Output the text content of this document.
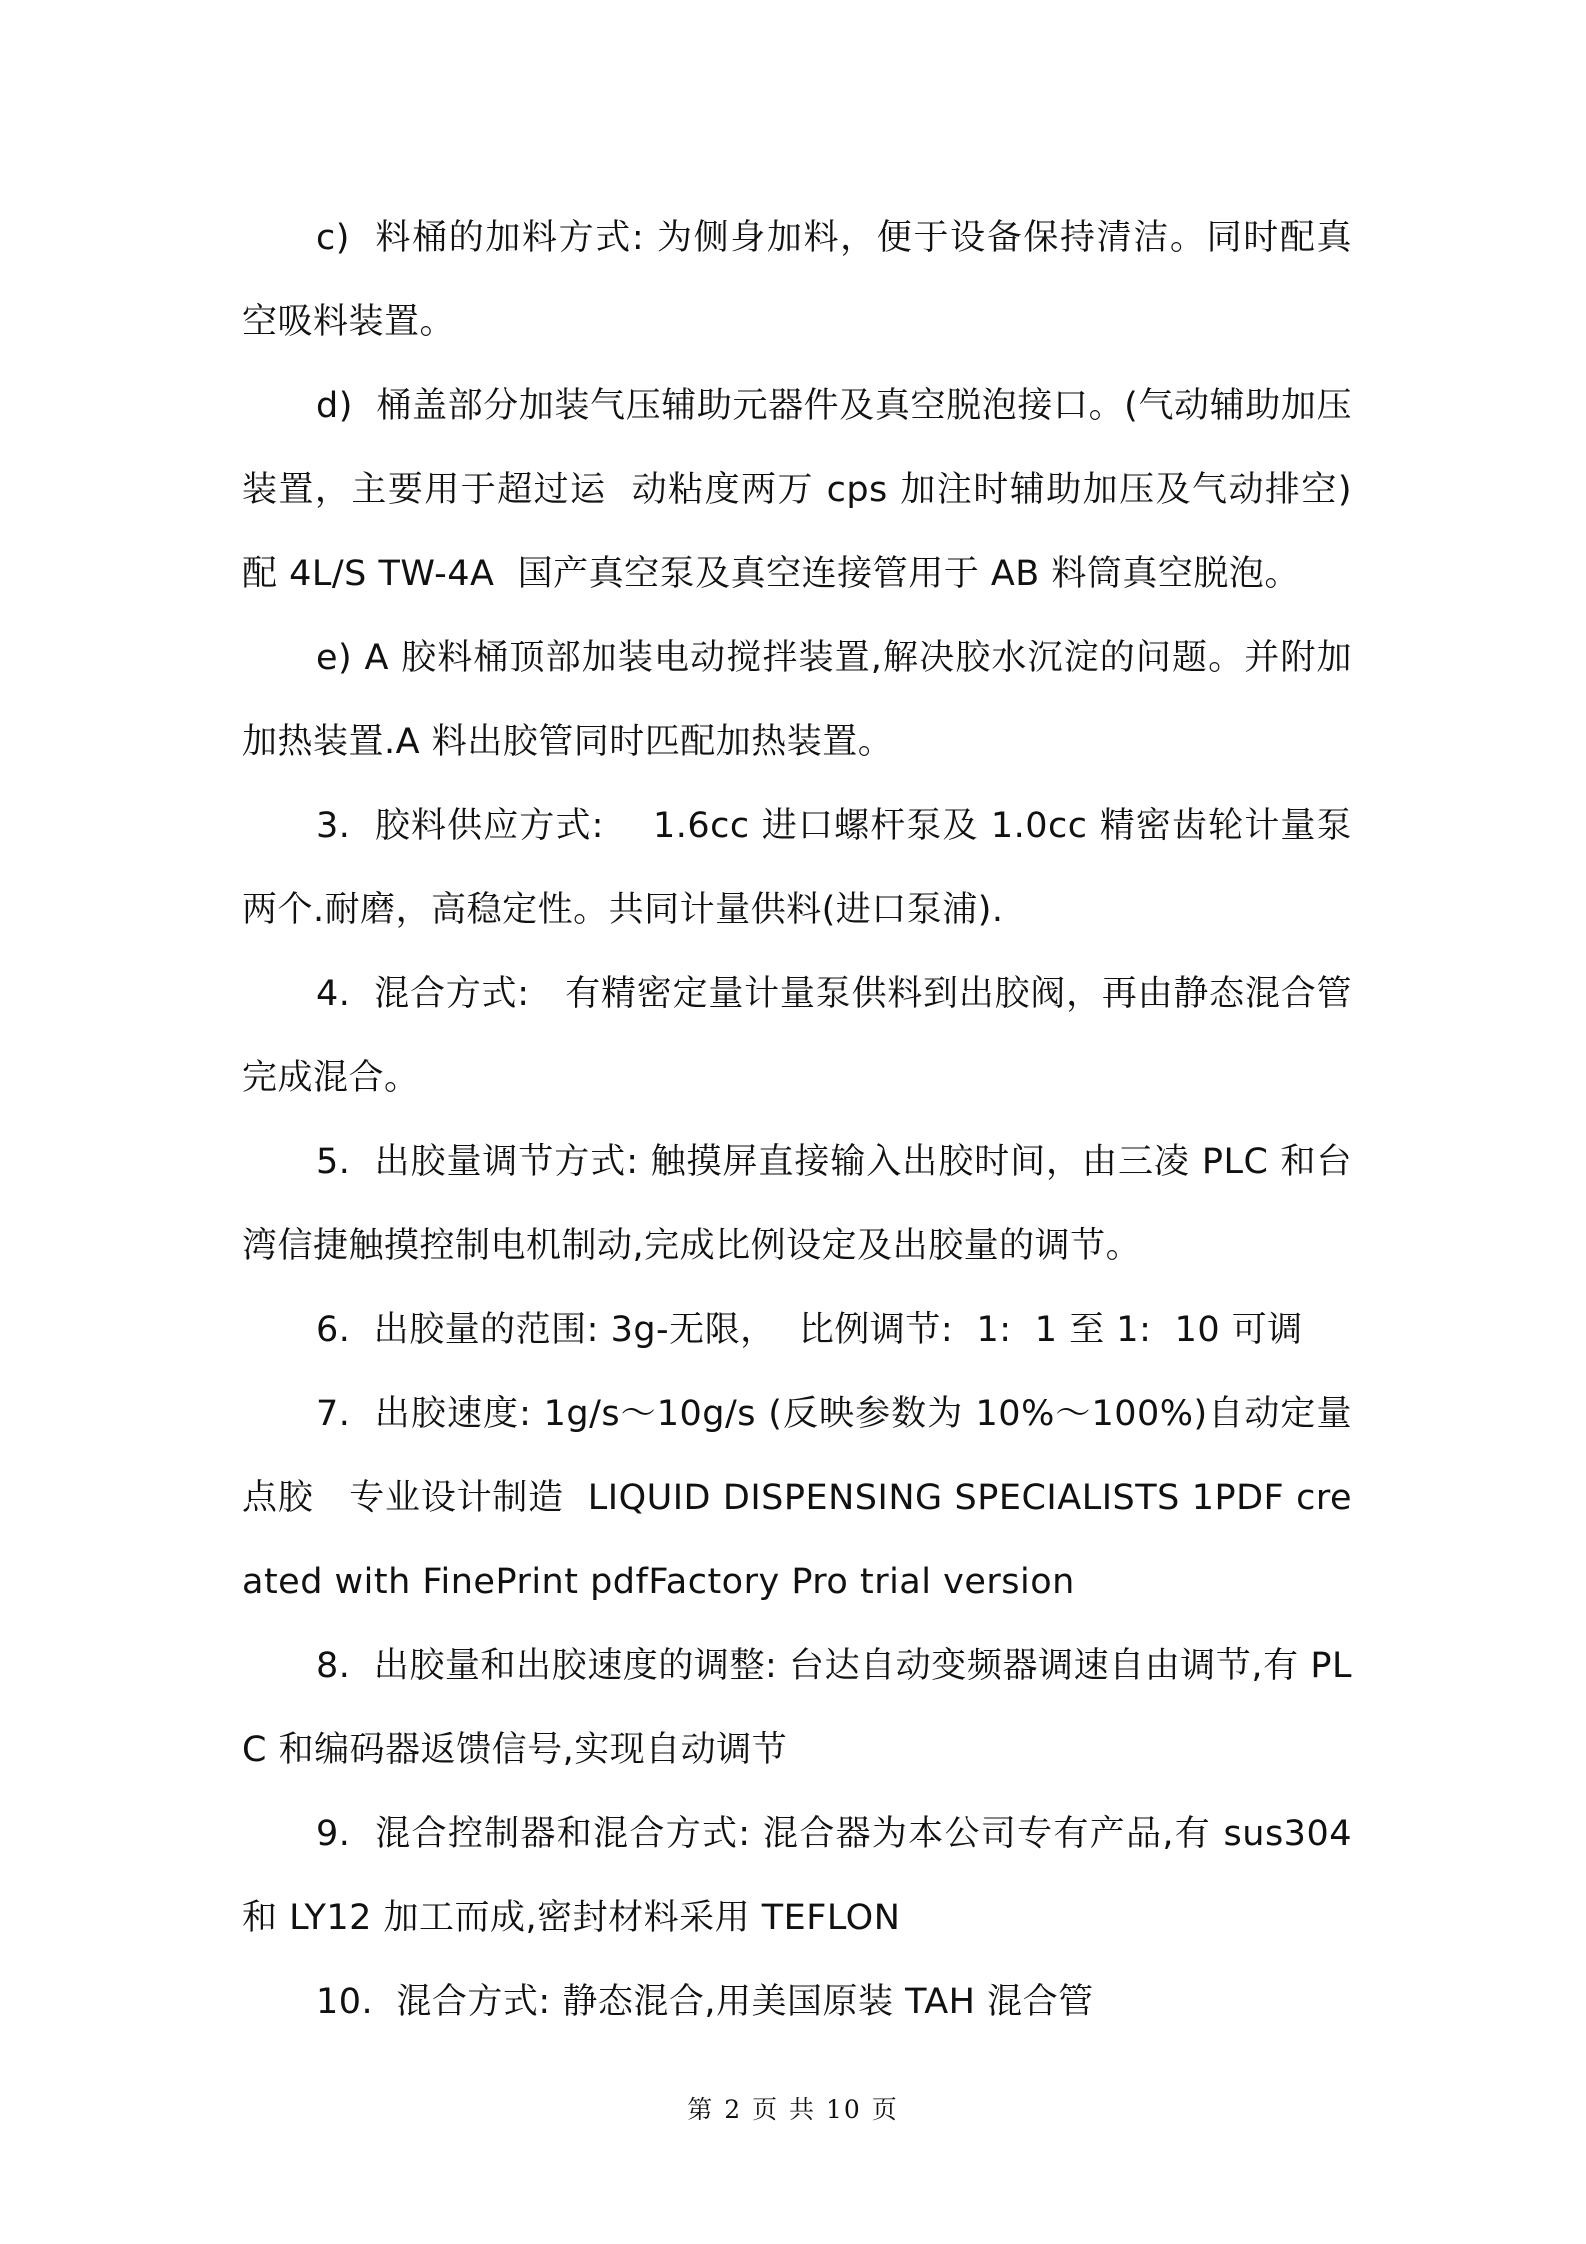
c)  料桶的加料方式: 为侧身加料，便于设备保持清洁。同时配真空吸料装置。

d)  桶盖部分加装气压辅助元器件及真空脱泡接口。(气动辅助加压装置，主要用于超过运  动粘度两万 cps 加注时辅助加压及气动排空)配 4L/S TW-4A  国产真空泵及真空连接管用于 AB 料筒真空脱泡。

e) A 胶料桶顶部加装电动搅拌装置,解决胶水沉淀的问题。并附加加热装置.A 料出胶管同时匹配加热装置。

3.  胶料供应方式:    1.6cc 进口螺杆泵及 1.0cc 精密齿轮计量泵两个.耐磨，高稳定性。共同计量供料(进口泵浦).

4.  混合方式:   有精密定量计量泵供料到出胶阀，再由静态混合管完成混合。

5.  出胶量调节方式: 触摸屏直接输入出胶时间，由三凌 PLC 和台湾信捷触摸控制电机制动,完成比例设定及出胶量的调节。

6.  出胶量的范围: 3g-无限，  比例调节:  1:  1 至 1:  10 可调

7.  出胶速度: 1g/s～10g/s (反映参数为 10%～100%)自动定量点胶   专业设计制造  LIQUID DISPENSING SPECIALISTS 1PDF created with FinePrint pdfFactory Pro trial version

8.  出胶量和出胶速度的调整: 台达自动变频器调速自由调节,有 PLC 和编码器返馈信号,实现自动调节

9.  混合控制器和混合方式: 混合器为本公司专有产品,有 sus304 和 LY12 加工而成,密封材料采用 TEFLON

10.  混合方式: 静态混合,用美国原装 TAH 混合管

第 2 页 共 10 页
